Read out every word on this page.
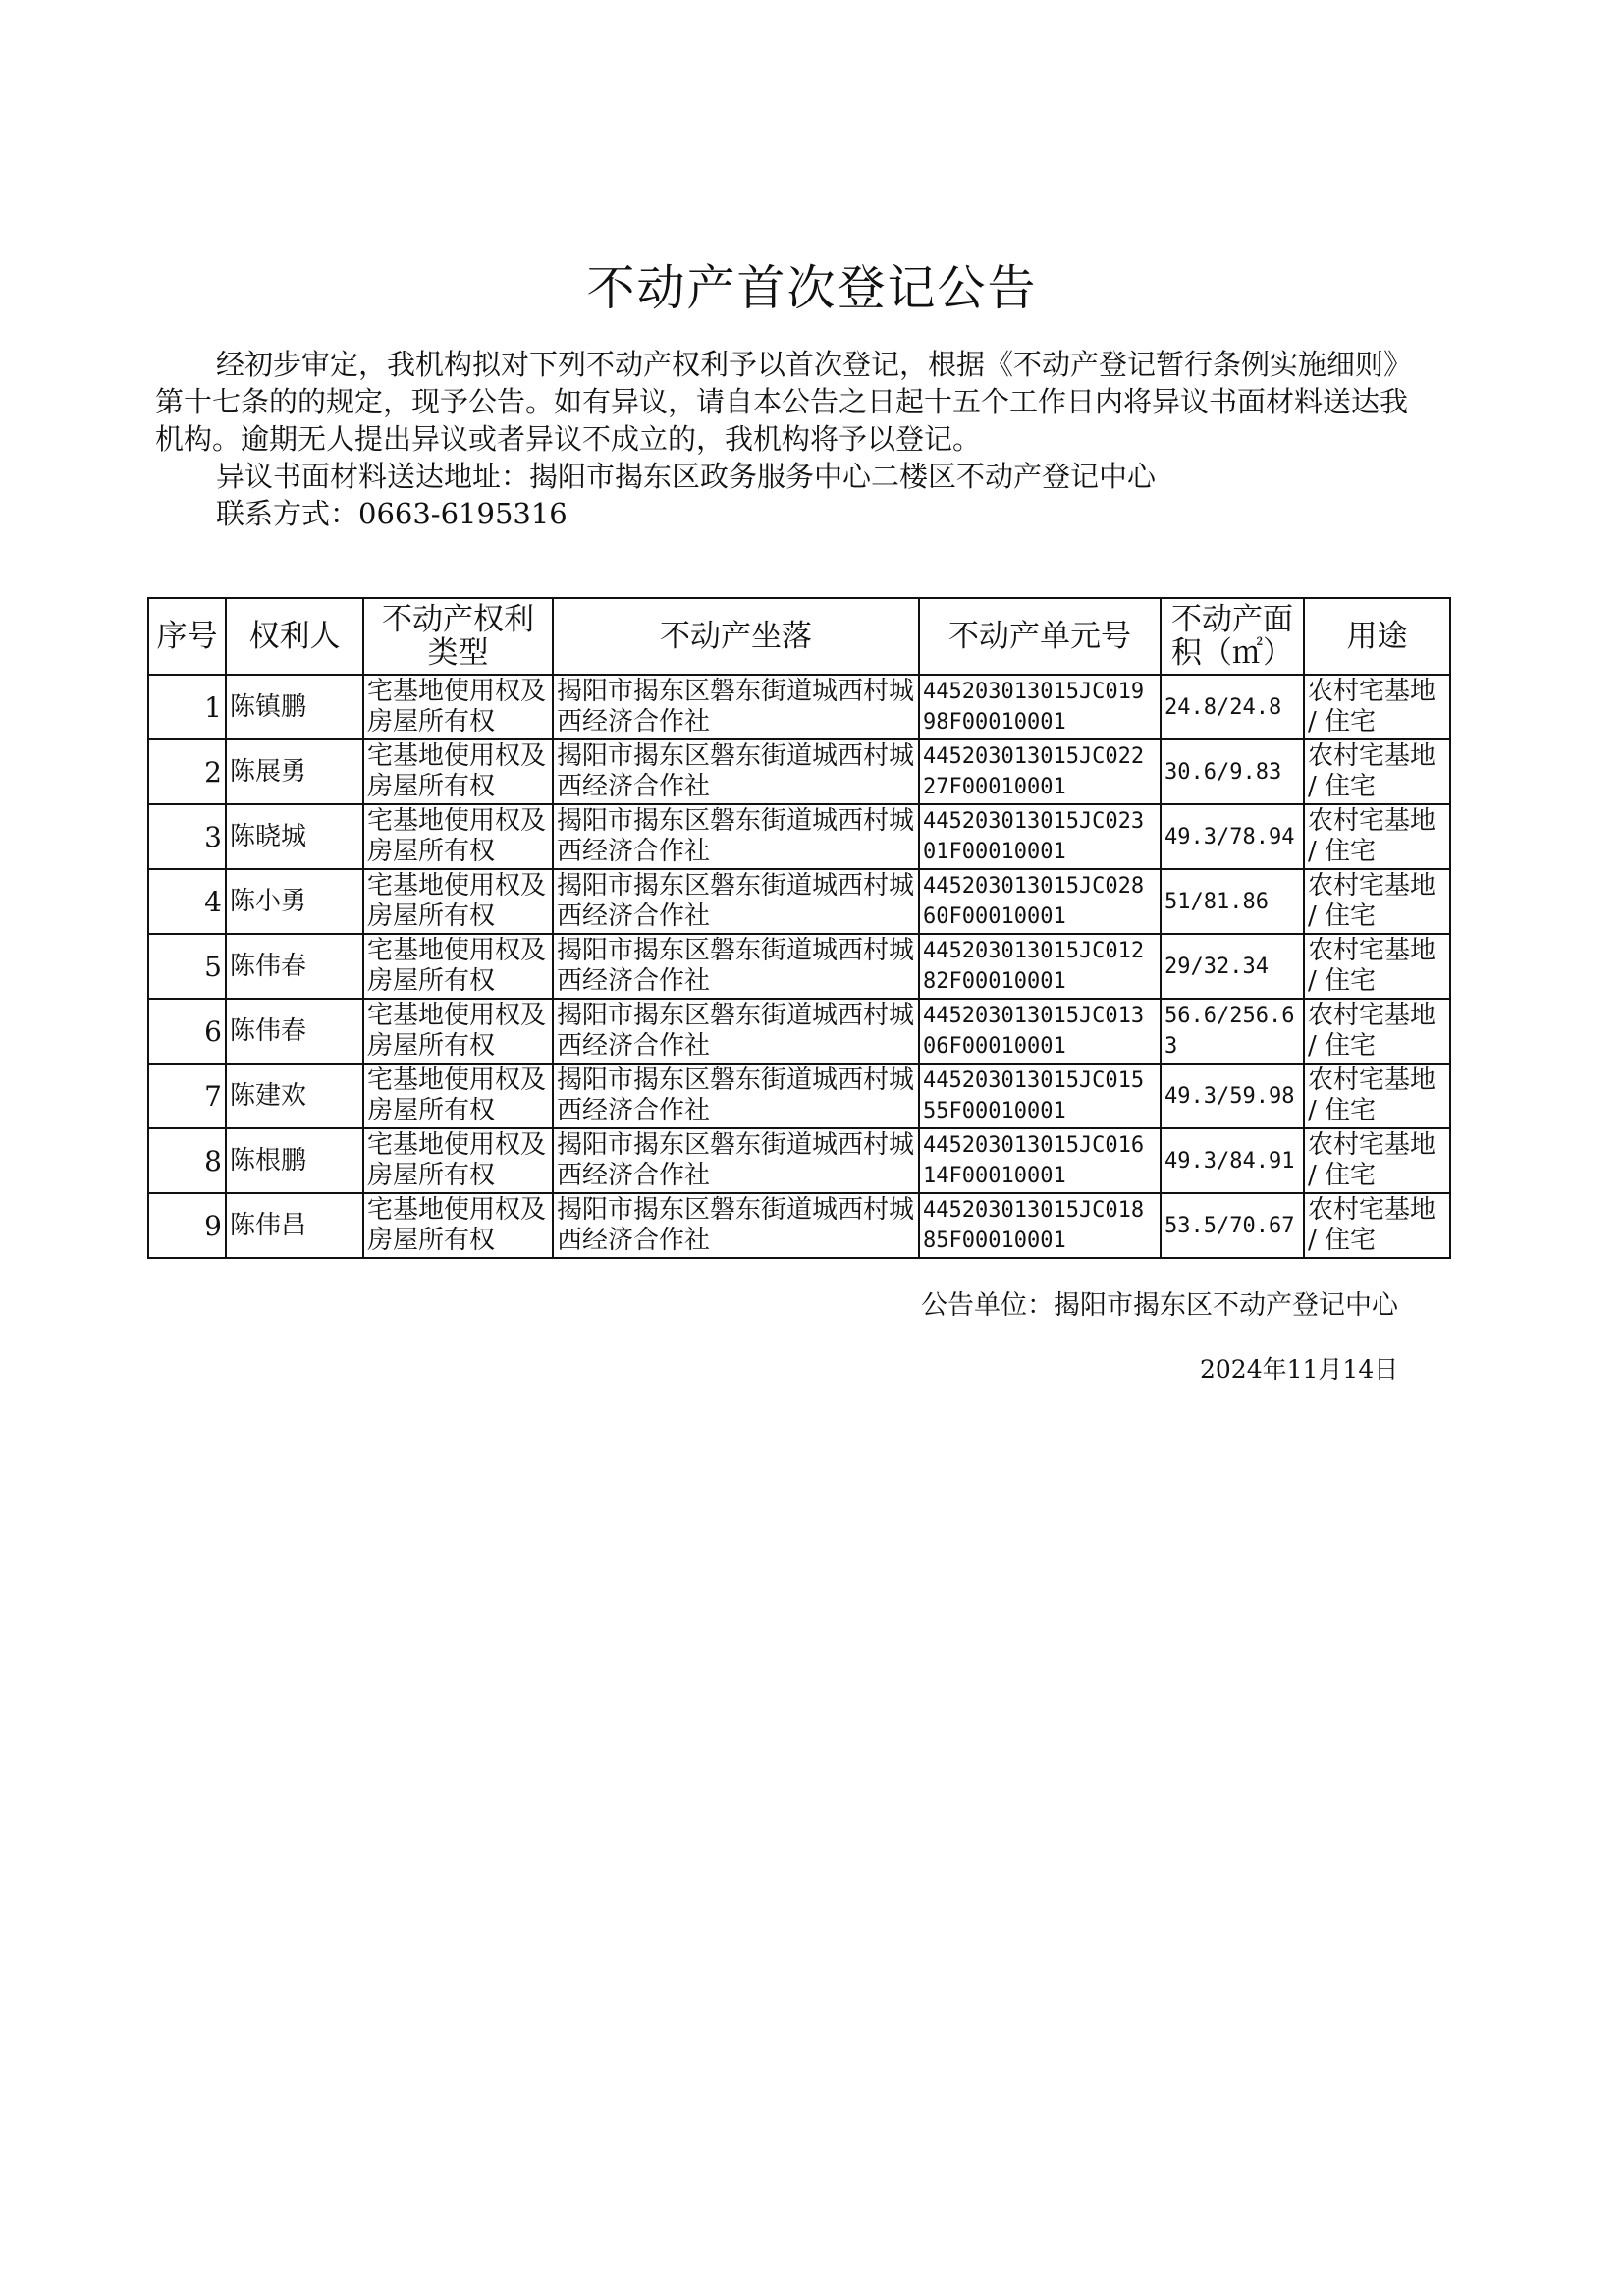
不动产首次登记公告

经初步审定，我机构拟对下列不动产权利予以首次登记，根据《不动产登记暂行条例实施细则》第十七条的的规定，现予公告。如有异议，请自本公告之日起十五个工作日内将异议书面材料送达我机构。逾期无人提出异议或者异议不成立的，我机构将予以登记。

异议书面材料送达地址：揭阳市揭东区政务服务中心二楼区不动产登记中心

联系方式：0663-6195316

序号	权利人	不动产权利类型	不动产坐落	不动产单元号	不动产面积（㎡）	用途
1	陈镇鹏	宅基地使用权及房屋所有权	揭阳市揭东区磐东街道城西村城西经济合作社	445203013015JC01998F00010001	24.8/24.8	农村宅基地 / 住宅
2	陈展勇	宅基地使用权及房屋所有权	揭阳市揭东区磐东街道城西村城西经济合作社	445203013015JC02227F00010001	30.6/9.83	农村宅基地 / 住宅
3	陈晓城	宅基地使用权及房屋所有权	揭阳市揭东区磐东街道城西村城西经济合作社	445203013015JC02301F00010001	49.3/78.94	农村宅基地 / 住宅
4	陈小勇	宅基地使用权及房屋所有权	揭阳市揭东区磐东街道城西村城西经济合作社	445203013015JC02860F00010001	51/81.86	农村宅基地 / 住宅
5	陈伟春	宅基地使用权及房屋所有权	揭阳市揭东区磐东街道城西村城西经济合作社	445203013015JC01282F00010001	29/32.34	农村宅基地 / 住宅
6	陈伟春	宅基地使用权及房屋所有权	揭阳市揭东区磐东街道城西村城西经济合作社	445203013015JC01306F00010001	56.6/256.63	农村宅基地 / 住宅
7	陈建欢	宅基地使用权及房屋所有权	揭阳市揭东区磐东街道城西村城西经济合作社	445203013015JC01555F00010001	49.3/59.98	农村宅基地 / 住宅
8	陈根鹏	宅基地使用权及房屋所有权	揭阳市揭东区磐东街道城西村城西经济合作社	445203013015JC01614F00010001	49.3/84.91	农村宅基地 / 住宅
9	陈伟昌	宅基地使用权及房屋所有权	揭阳市揭东区磐东街道城西村城西经济合作社	445203013015JC01885F00010001	53.5/70.67	农村宅基地 / 住宅
公告单位：揭阳市揭东区不动产登记中心
2024年11月14日
